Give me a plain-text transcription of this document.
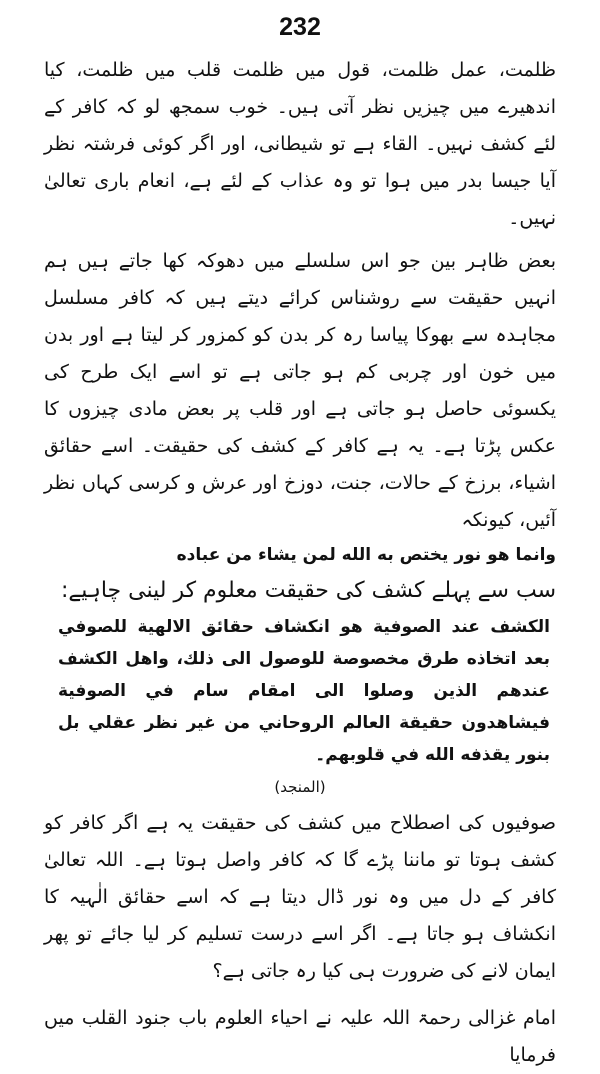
232

ظلمت، عمل ظلمت، قول میں ظلمت قلب میں ظلمت، کیا اندھیرے میں چیزیں نظر آتی ہیں۔ خوب سمجھ لو کہ کافر کے لئے کشف نہیں۔ القاء ہے تو شیطانی، اور اگر کوئی فرشتہ نظر آیا جیسا بدر میں ہوا تو وہ عذاب کے لئے ہے، انعام باری تعالیٰ نہیں۔

بعض ظاہر بین جو اس سلسلے میں دھوکہ کھا جاتے ہیں ہم انہیں حقیقت سے روشناس کرائے دیتے ہیں کہ کافر مسلسل مجاہدہ سے بھوکا پیاسا رہ کر بدن کو کمزور کر لیتا ہے اور بدن میں خون اور چربی کم ہو جاتی ہے تو اسے ایک طرح کی یکسوئی حاصل ہو جاتی ہے اور قلب پر بعض مادی چیزوں کا عکس پڑتا ہے۔ یہ ہے کافر کے کشف کی حقیقت۔ اسے حقائق اشیاء، برزخ کے حالات، جنت، دوزخ اور عرش و کرسی کہاں نظر آئیں، کیونکہ

وانما هو نور يختص به الله لمن يشاء من عباده

سب سے پہلے کشف کی حقیقت معلوم کر لینی چاہیے:

الكشف عند الصوفية هو انكشاف حقائق الالهية للصوفي بعد اتخاذه طرق مخصوصة للوصول الى ذلك، واهل الكشف عندهم الذين وصلوا الى امقام سام في الصوفية فيشاهدون حقيقة العالم الروحاني من غير نظر عقلي بل بنور يقذفه الله في قلوبهم۔

(المنجد)

صوفیوں کی اصطلاح میں کشف کی حقیقت یہ ہے اگر کافر کو کشف ہوتا تو ماننا پڑے گا کہ کافر واصل ہوتا ہے۔ اللہ تعالیٰ کافر کے دل میں وہ نور ڈال دیتا ہے کہ اسے حقائق الٰہیہ کا انکشاف ہو جاتا ہے۔ اگر اسے درست تسلیم کر لیا جائے تو پھر ایمان لانے کی ضرورت ہی کیا رہ جاتی ہے؟

امام غزالی رحمۃ اللہ علیہ نے احیاء العلوم باب جنود القلب میں فرمایا
